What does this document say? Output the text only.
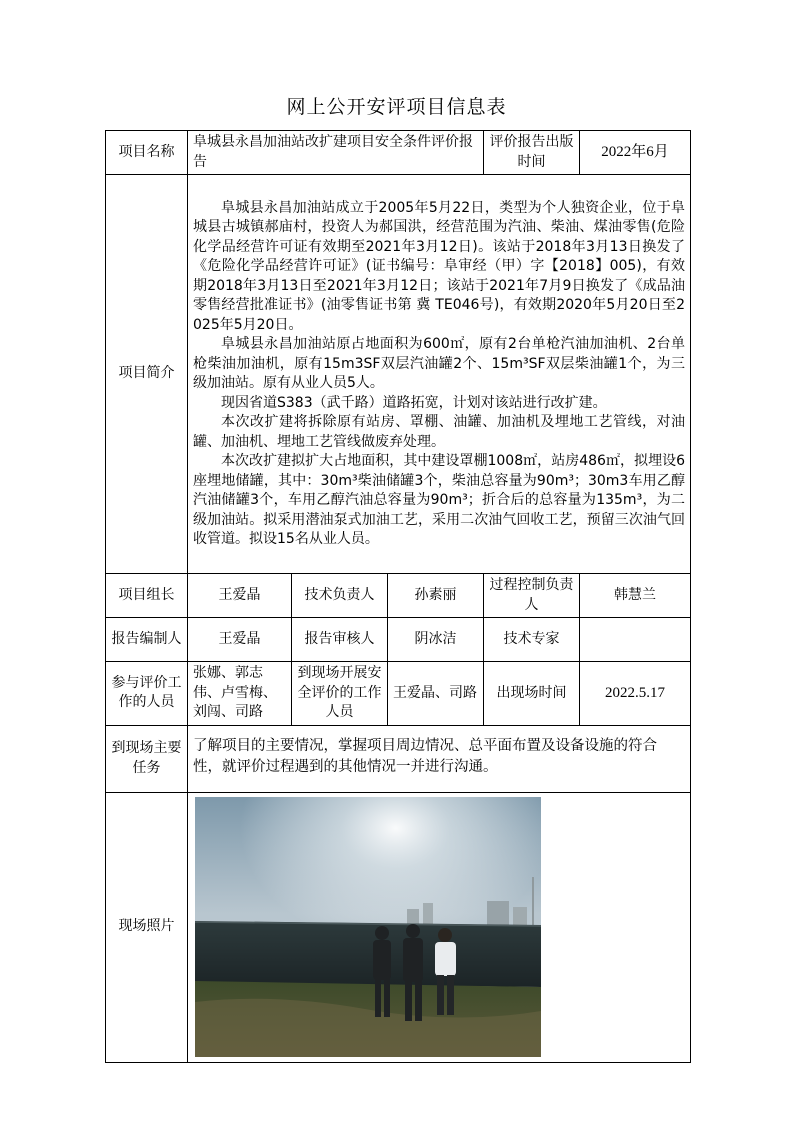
网上公开安评项目信息表
项目名称	阜城县永昌加油站改扩建项目安全条件评价报告			评价报告出版时间	2022年6月
项目简介	阜城县永昌加油站成立于2005年5月22日，类型为个人独资企业，位于阜城县古城镇郝庙村，投资人为郝国洪，经营范围为汽油、柴油、煤油零售(危险化学品经营许可证有效期至2021年3月12日)。该站于2018年3月13日换发了《危险化学品经营许可证》(证书编号：阜审经（甲）字【2018】005)，有效期2018年3月13日至2021年3月12日；该站于2021年7月9日换发了《成品油零售经营批准证书》(油零售证书第 冀 TE046号)，有效期2020年5月20日至2025年5月20日。

阜城县永昌加油站原占地面积为600㎡，原有2台单枪汽油加油机、2台单枪柴油加油机，原有15m3SF双层汽油罐2个、15m³SF双层柴油罐1个，为三级加油站。原有从业人员5人。

现因省道S383（武千路）道路拓宽，计划对该站进行改扩建。

本次改扩建将拆除原有站房、罩棚、油罐、加油机及埋地工艺管线，对油罐、加油机、埋地工艺管线做废弃处理。

本次改扩建拟扩大占地面积，其中建设罩棚1008㎡，站房486㎡，拟埋设6座埋地储罐，其中：30m³柴油储罐3个，柴油总容量为90m³；30m3车用乙醇汽油储罐3个，车用乙醇汽油总容量为90m³；折合后的总容量为135m³，为二级加油站。拟采用潜油泵式加油工艺，采用二次油气回收工艺，预留三次油气回收管道。拟设15名从业人员。				

项目组长	王爱晶	技术负责人	孙素丽	过程控制负责人	韩慧兰
报告编制人	王爱晶	报告审核人	阴冰洁	技术专家	
参与评价工作的人员	张娜、郭志伟、卢雪梅、刘闯、司路	到现场开展安全评价的工作人员	王爱晶、司路	出现场时间	2022.5.17
到现场主要任务	了解项目的主要情况，掌握项目周边情况、总平面布置及设备设施的符合性，就评价过程遇到的其他情况一并进行沟通。				
现场照片	
